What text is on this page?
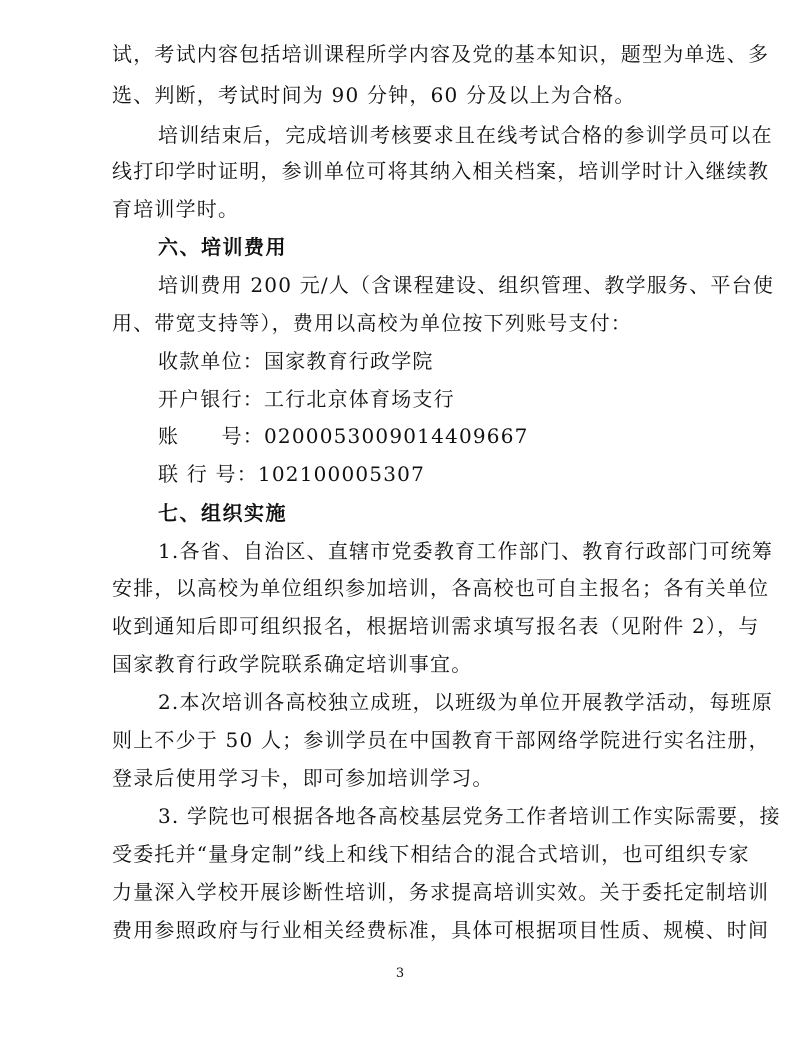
试，考试内容包括培训课程所学内容及党的基本知识，题型为单选、多
选、判断，考试时间为 90 分钟，60 分及以上为合格。
培训结束后，完成培训考核要求且在线考试合格的参训学员可以在
线打印学时证明，参训单位可将其纳入相关档案，培训学时计入继续教
育培训学时。
六、培训费用
培训费用 200 元/人（含课程建设、组织管理、教学服务、平台使
用、带宽支持等），费用以高校为单位按下列账号支付：
收款单位：国家教育行政学院
开户银行：工行北京体育场支行
账　　号：0200053009014409667
联 行 号：102100005307
七、组织实施
1.各省、自治区、直辖市党委教育工作部门、教育行政部门可统筹
安排，以高校为单位组织参加培训，各高校也可自主报名；各有关单位
收到通知后即可组织报名，根据培训需求填写报名表（见附件 2），与
国家教育行政学院联系确定培训事宜。
2.本次培训各高校独立成班，以班级为单位开展教学活动，每班原
则上不少于 50 人；参训学员在中国教育干部网络学院进行实名注册，
登录后使用学习卡，即可参加培训学习。
3. 学院也可根据各地各高校基层党务工作者培训工作实际需要，接
受委托并“量身定制”线上和线下相结合的混合式培训，也可组织专家
力量深入学校开展诊断性培训，务求提高培训实效。关于委托定制培训
费用参照政府与行业相关经费标准，具体可根据项目性质、规模、时间
3
